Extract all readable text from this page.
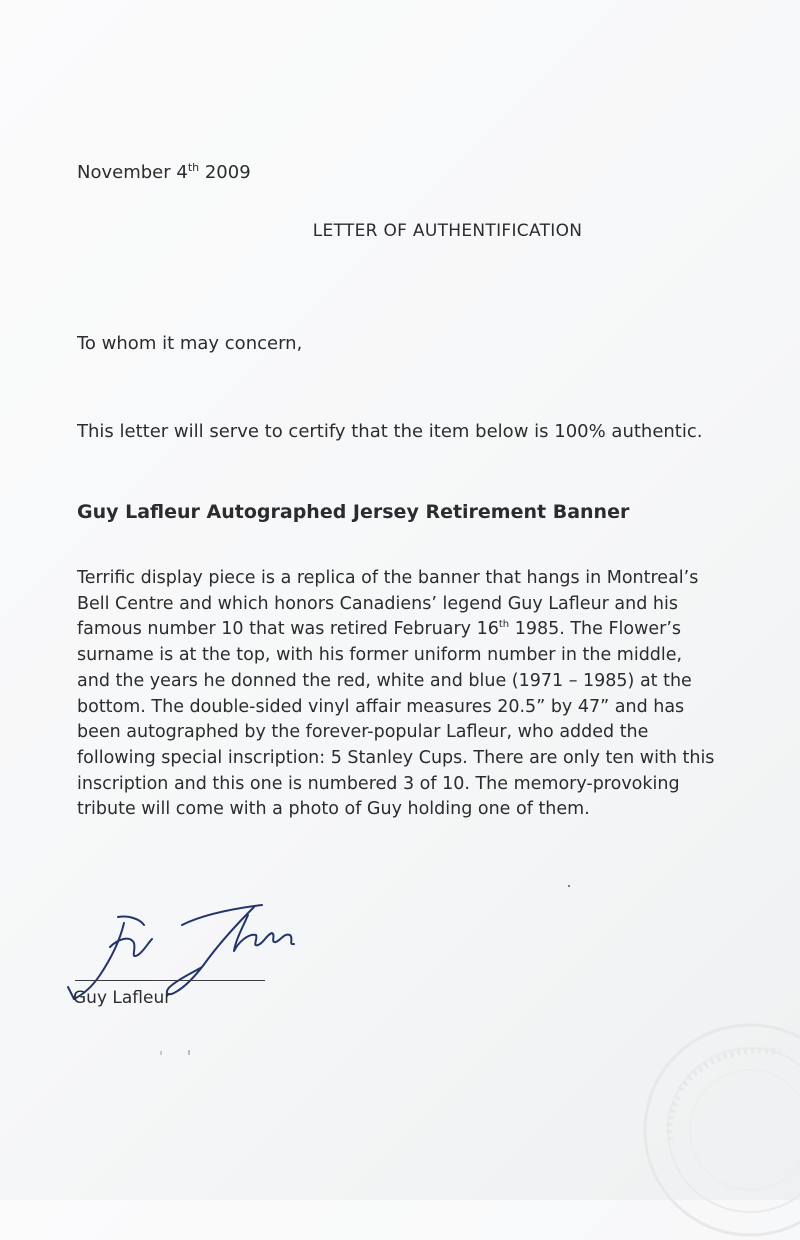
November 4th 2009
LETTER OF AUTHENTIFICATION
To whom it may concern,
This letter will serve to certify that the item below is 100% authentic.
Guy Lafleur Autographed Jersey Retirement Banner
Terrific display piece is a replica of the banner that hangs in Montreal’s
Bell Centre and which honors Canadiens’ legend Guy Lafleur and his
famous number 10 that was retired February 16th 1985. The Flower’s
surname is at the top, with his former uniform number in the middle,
and the years he donned the red, white and blue (1971 – 1985) at the
bottom. The double-sided vinyl affair measures 20.5” by 47” and has
been autographed by the forever-popular Lafleur, who added the
following special inscription: 5 Stanley Cups. There are only ten with this
inscription and this one is numbered 3 of 10. The memory-provoking
tribute will come with a photo of Guy holding one of them.
Guy Lafleur
